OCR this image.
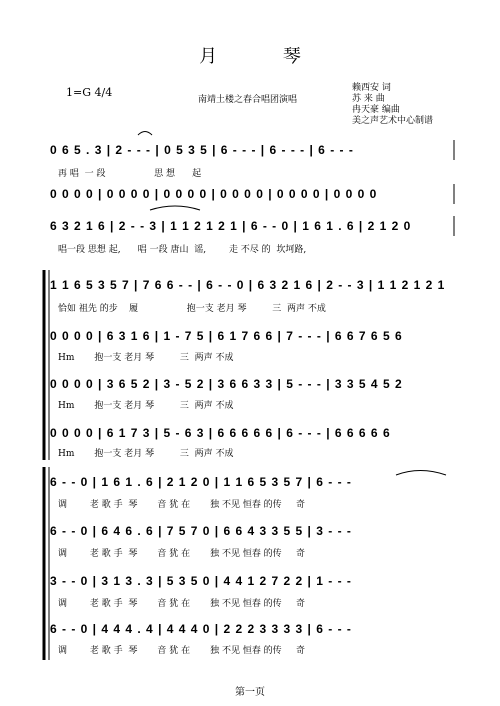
月 琴
1=G 4/4
南靖土楼之春合唱团演唱
赖西安 词
苏 来 曲
冉天豪 编曲
美之声艺术中心制谱
0 6 5 . 3 | 2 - - - | 0 5 3 5 | 6 - - - | 6 - - - | 6 - - -
再 唱  一 段                 思 想      起
0 0 0 0 | 0 0 0 0 | 0 0 0 0 | 0 0 0 0 | 0 0 0 0 | 0 0 0 0
6 3 2 1 6 | 2 - - 3 | 1 1 2 1 2 1 | 6 - - 0 | 1 6 1 . 6 | 2 1 2 0
唱一段 思想 起,      唱 一段 唐山  谣,        走 不尽 的  坎坷路,
1 1 6 5 3 5 7 | 7 6 6 - - | 6 - - 0 | 6 3 2 1 6 | 2 - - 3 | 1 1 2 1 2 1
恰如 祖先 的步    履                 抱一支 老月 琴         三  两声 不成
0 0 0 0 | 6 3 1 6 | 1 - 7 5 | 6 1 7 6 6 | 7 - - - | 6 6 7 6 5 6
Hm       抱一支 老月 琴         三  两声 不成
0 0 0 0 | 3 6 5 2 | 3 - 5 2 | 3 6 6 3 3 | 5 - - - | 3 3 5 4 5 2
Hm       抱一支 老月 琴         三  两声 不成
0 0 0 0 | 6 1 7 3 | 5 - 6 3 | 6 6 6 6 6 | 6 - - - | 6 6 6 6 6
Hm       抱一支 老月 琴         三  两声 不成
6 - - 0 | 1 6 1 . 6 | 2 1 2 0 | 1 1 6 5 3 5 7 | 6 - - -
调        老 歌 手  琴       音 犹 在       独 不见 恒春 的传     奇
6 - - 0 | 6 4 6 . 6 | 7 5 7 0 | 6 6 4 3 3 5 5 | 3 - - -
调        老 歌 手  琴       音 犹 在       独 不见 恒春 的传     奇
3 - - 0 | 3 1 3 . 3 | 5 3 5 0 | 4 4 1 2 7 2 2 | 1 - - -
调        老 歌 手  琴       音 犹 在       独 不见 恒春 的传     奇
6 - - 0 | 4 4 4 . 4 | 4 4 4 0 | 2 2 2 3 3 3 3 | 6 - - -
调        老 歌 手  琴       音 犹 在       独 不见 恒春 的传     奇
第一页
